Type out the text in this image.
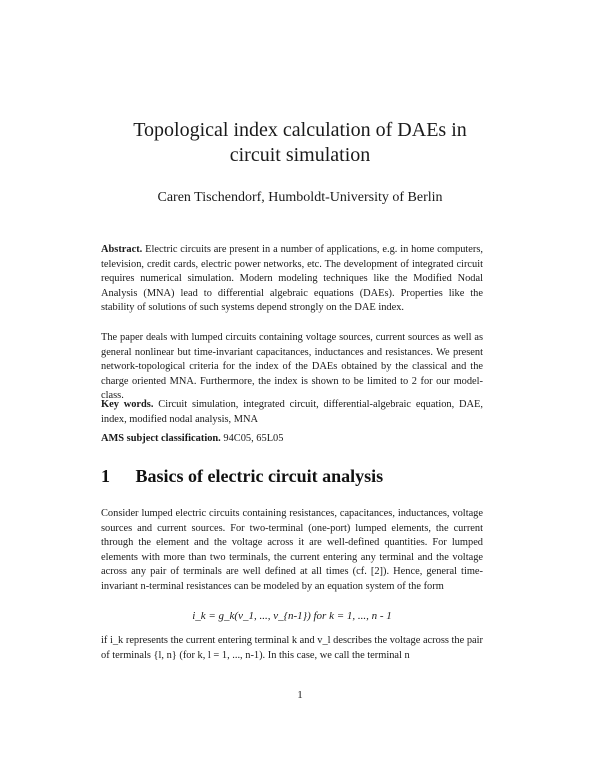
Topological index calculation of DAEs in
circuit simulation
Caren Tischendorf, Humboldt-University of Berlin
Abstract. Electric circuits are present in a number of applications, e.g. in home computers, television, credit cards, electric power networks, etc. The development of integrated circuit requires numerical simulation. Modern modeling techniques like the Modified Nodal Analysis (MNA) lead to differential algebraic equations (DAEs). Properties like the stability of solutions of such systems depend strongly on the DAE index.
The paper deals with lumped circuits containing voltage sources, current sources as well as general nonlinear but time-invariant capacitances, inductances and resistances. We present network-topological criteria for the index of the DAEs obtained by the classical and the charge oriented MNA. Furthermore, the index is shown to be limited to 2 for our model-class.
Key words. Circuit simulation, integrated circuit, differential-algebraic equation, DAE, index, modified nodal analysis, MNA
AMS subject classification. 94C05, 65L05
1 Basics of electric circuit analysis
Consider lumped electric circuits containing resistances, capacitances, inductances, voltage sources and current sources. For two-terminal (one-port) lumped elements, the current through the element and the voltage across it are well-defined quantities. For lumped elements with more than two terminals, the current entering any terminal and the voltage across any pair of terminals are well defined at all times (cf. [2]). Hence, general time-invariant n-terminal resistances can be modeled by an equation system of the form
i_k = g_k(v_1, ..., v_{n-1}) for k = 1, ..., n - 1
if i_k represents the current entering terminal k and v_l describes the voltage across the pair of terminals {l, n} (for k, l = 1, ..., n-1). In this case, we call the terminal n
1
